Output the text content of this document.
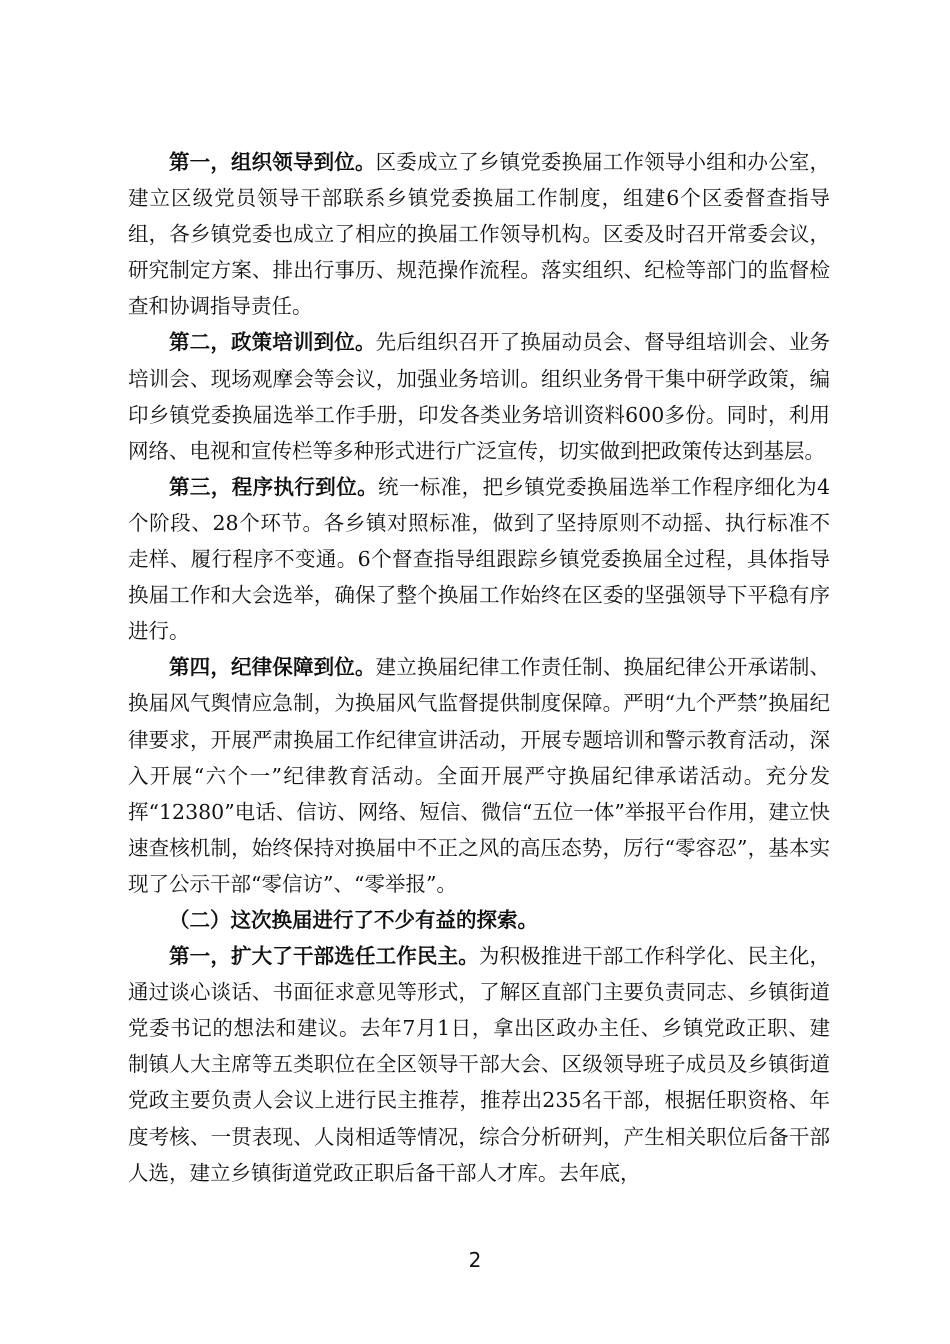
第一，组织领导到位。区委成立了乡镇党委换届工作领导小组和办公室，建立区级党员领导干部联系乡镇党委换届工作制度，组建6个区委督查指导组，各乡镇党委也成立了相应的换届工作领导机构。区委及时召开常委会议，研究制定方案、排出行事历、规范操作流程。落实组织、纪检等部门的监督检查和协调指导责任。

第二，政策培训到位。先后组织召开了换届动员会、督导组培训会、业务培训会、现场观摩会等会议，加强业务培训。组织业务骨干集中研学政策，编印乡镇党委换届选举工作手册，印发各类业务培训资料600多份。同时，利用网络、电视和宣传栏等多种形式进行广泛宣传，切实做到把政策传达到基层。

第三，程序执行到位。统一标准，把乡镇党委换届选举工作程序细化为4个阶段、28个环节。各乡镇对照标准，做到了坚持原则不动摇、执行标准不走样、履行程序不变通。6个督查指导组跟踪乡镇党委换届全过程，具体指导换届工作和大会选举，确保了整个换届工作始终在区委的坚强领导下平稳有序进行。

第四，纪律保障到位。建立换届纪律工作责任制、换届纪律公开承诺制、换届风气舆情应急制，为换届风气监督提供制度保障。严明“九个严禁”换届纪律要求，开展严肃换届工作纪律宣讲活动，开展专题培训和警示教育活动，深入开展“六个一”纪律教育活动。全面开展严守换届纪律承诺活动。充分发挥“12380”电话、信访、网络、短信、微信“五位一体”举报平台作用，建立快速查核机制，始终保持对换届中不正之风的高压态势，厉行“零容忍”，基本实现了公示干部“零信访”、“零举报”。

（二）这次换届进行了不少有益的探索。

第一，扩大了干部选任工作民主。为积极推进干部工作科学化、民主化，通过谈心谈话、书面征求意见等形式，了解区直部门主要负责同志、乡镇街道党委书记的想法和建议。去年7月1日，拿出区政办主任、乡镇党政正职、建制镇人大主席等五类职位在全区领导干部大会、区级领导班子成员及乡镇街道党政主要负责人会议上进行民主推荐，推荐出235名干部，根据任职资格、年度考核、一贯表现、人岗相适等情况，综合分析研判，产生相关职位后备干部人选，建立乡镇街道党政正职后备干部人才库。去年底，

2
